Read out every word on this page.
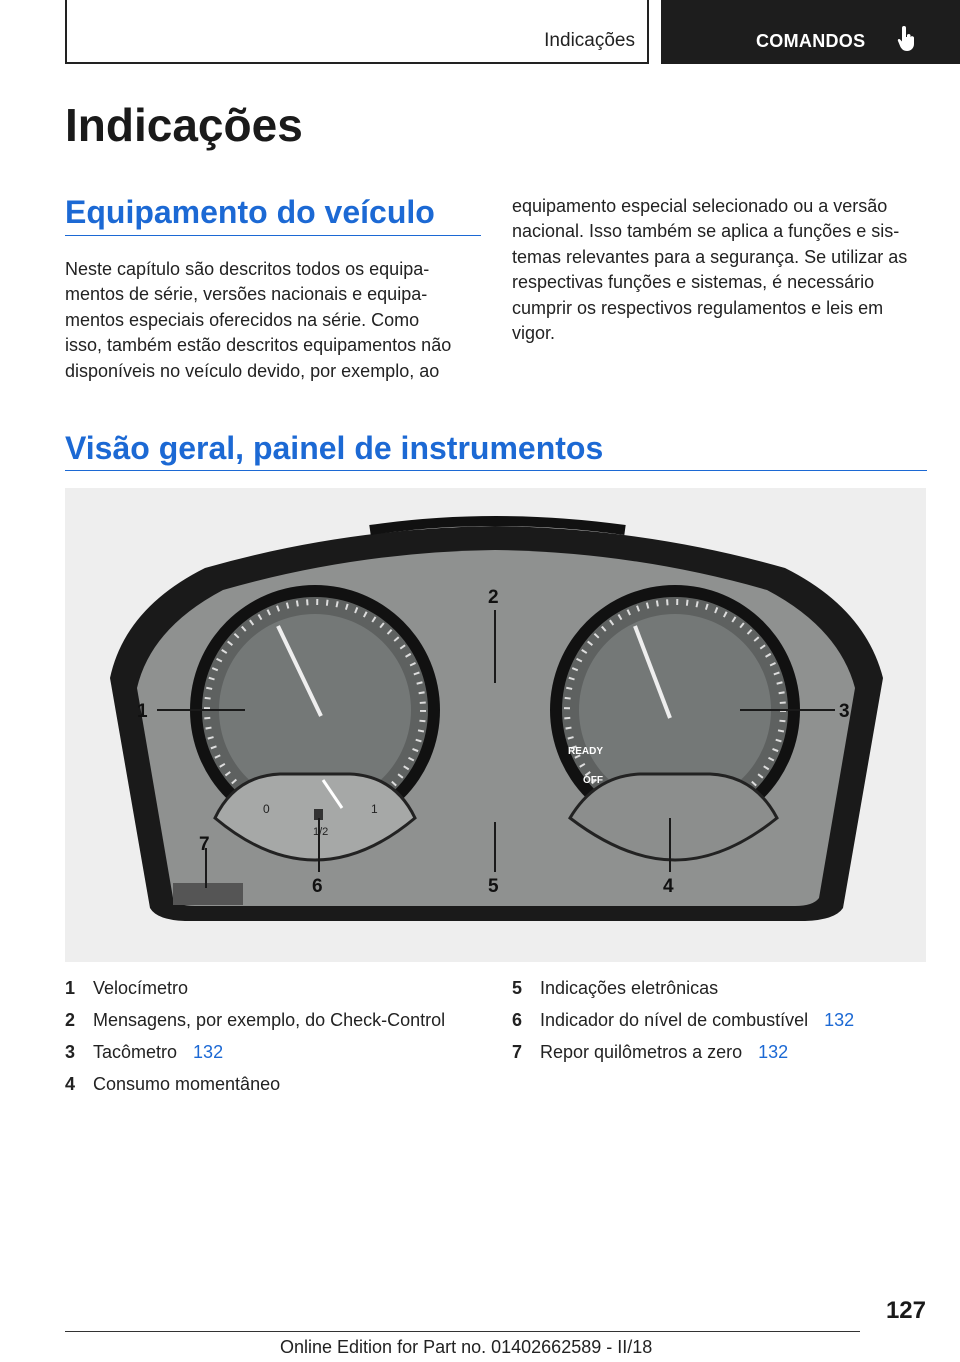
Indicações	COMANDOS
Indicações
Equipamento do veículo
Neste capítulo são descritos todos os equipa-
mentos de série, versões nacionais e equipa-
mentos especiais oferecidos na série. Como
isso, também estão descritos equipamentos não
disponíveis no veículo devido, por exemplo, ao
equipamento especial selecionado ou a versão
nacional. Isso também se aplica a funções e sis-
temas relevantes para a segurança. Se utilizar as
respectivas funções e sistemas, é necessário
cumprir os respectivos regulamentos e leis em
vigor.
Visão geral, painel de instrumentos
0	1
1/2
READY
OFF
1
2
3
4
5
6
7
1 Velocímetro
2 Mensagens, por exemplo, do Check-Control
3 Tacômetro 132
4 Consumo momentâneo
5 Indicações eletrônicas
6 Indicador do nível de combustível 132
7 Repor quilômetros a zero 132
127
Online Edition for Part no. 01402662589 - II/18
